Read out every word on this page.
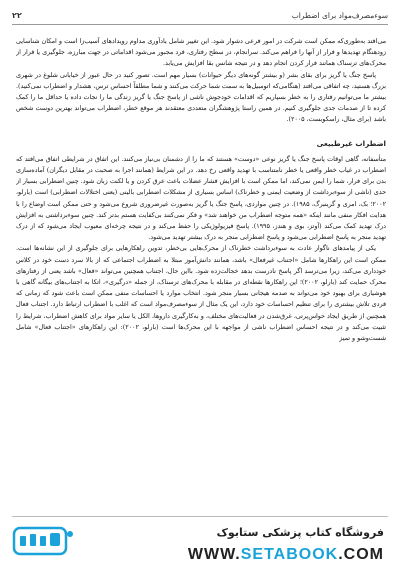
۲۲	سوءمصرف‌مواد برای اضطراب

می‌افتد به‌طوری‌که ممکن است شرکت در امور فرعی دشوار شود. این تغییر شامل یادآوری مداوم رویدادهای آسیب‌زا است و امکان شناسایی زودهنگام تهدیدها و فرار از آنها را فراهم می‌کند. سرانجام، در سطح رفتاری، فرد مجبور می‌شود اقداماتی در جهت مبارزه، جلوگیری یا فرار از محرک‌های ترسناک همانند فرار کردن انجام دهد و در نتیجه شانس بقا افزایش می‌یابد.

پاسخ جنگ یا گریز برای بقای بشر (و بیشتر گونه‌های دیگر حیوانات) بسیار مهم است. تصور کنید در حال عبور از خیابانی شلوغ در شهری بزرگ هستید، چه اتفاقی می‌افتد (هنگامی‌که اتومبیل‌ها به سمت شما حرکت می‌کنند و شما مطلقاً احساس ترس، هشدار و اضطراب نمی‌کنید). بیشتر ما می‌توانیم رفتاری را به خطر بسپاریم که اقدامات خودجوش ناشی از پاسخ جنگ یا گریز زندگی ما را نجات داده یا حداقل ما را کمک کرده تا از صدمات جدی جلوگیری کنیم. در همین راستا پژوهشگران متعددی معتقدند هر موقع خطر، اضطراب می‌تواند بهترین دوست شخص باشد (برای مثال، راسکوبست، ۲۰۰۵).

اضطراب غیرطبیعی

متأسفانه، گاهی اوقات پاسخ جنگ یا گریز نوعی «دوست» هستند که ما را از دشمنان بی‌نیاز می‌کنند. این اتفاق در شرایطی اتفاق می‌افتد که اضطراب در غیاب خطر واقعی یا خطر نامتناسب با تهدید واقعی رخ دهد. در این شرایط (همانند اجرا به صحبت در مقابل دیگران) آماده‌سازی بدن برای فرار، شما را ایمن نمی‌کند، اما ممکن است با افزایش فشار عضلات باعث عرق کردن و یا لکنت زبان شود. چنین اضطرابی بسیار از حدی (ناشی از سوءبرداشت از وضعیت ایمنی و خطرناک) اساس بسیاری از مشکلات اضطرابی بالینی (یعنی اختلالات اضطرابی) است (بارلو، ۲۰۰۲؛ بک، امری و گرینبرگ، ۱۹۸۵). در چنین مواردی، پاسخ جنگ یا گریز به‌صورت غیرضروری شروع می‌شود و حتی ممکن است اوضاع را با هدایت افکار منفی مانند اینکه «همه متوجه اضطراب من خواهند شد» و فکر نمی‌کنند بی‌کفایت هستم بدتر کند. چنین سوءبرداشتی به افزایش درک تهدید کمک می‌کند (آوتز، بوی و هندز، ۱۹۹۵). پاسخ فیزیولوژیکی را حفظ می‌کند و در نتیجه چرخه‌ای معیوب ایجاد می‌شود که از درک تهدید منجر به پاسخ اضطرابی می‌شود و پاسخ اضطرابی منجر به درک بیشتر تهدید می‌شود.

یکی از پیامدهای ناگوار عادت به سوءبرداشت خطرناک از محرک‌هایی بی‌خطر، تدوین راهکارهایی برای جلوگیری از این نشانه‌ها است. ممکن است این راهکارها شامل «اجتناب غیرفعال» باشد، همانند دانش‌آموز مبتلا به اضطراب اجتماعی که از بالا سرد دست خود در کلاس خودداری می‌کند، زیرا می‌ترسد اگر پاسخ نادرست بدهد خجالت‌زده شود. بااین حال، اجتناب همچنین می‌تواند «فعال» باشد یعنی از رفتارهای محرک حمایت کند (بارلو، ۲۰۰۲)؛ این راهکارها نقطه‌ای در مقابله با محرک‌های ترسناک، از جمله «درگیری»، اتکا به اجتناب‌های بیگانه گاهی با هوشیاری برای بهبود خود می‌تواند به صدمه هیجانی بسیار منجر شود. انتخاب موارد یا احساسات منفی ممکن است باعث شود که زمانی که فردی تلاش بیشتری را برای تنظیم احساسات خود دارد، این یک مثال از سوءمصرف‌مواد است که اغلب با اضطراب ارتباط دارد. اجتناب فعال همچنین از طریق ایجاد حواس‌پرتی، غرق‌شدن در فعالیت‌های مختلف، و به‌کارگیری داروها، الکل یا سایر مواد برای کاهش اضطراب، شرایط را تثبیت می‌کند و در نتیجه احساس اضطراب ناشی از مواجهه با این محرک‌ها است (بارلو، ۲۰۰۲): این راهکارهای «اجتناب فعال» شامل شست‌وشو و تمیز

فروشگاه کتاب پزشکی ستابوک
WWW.SETABOOK.COM
